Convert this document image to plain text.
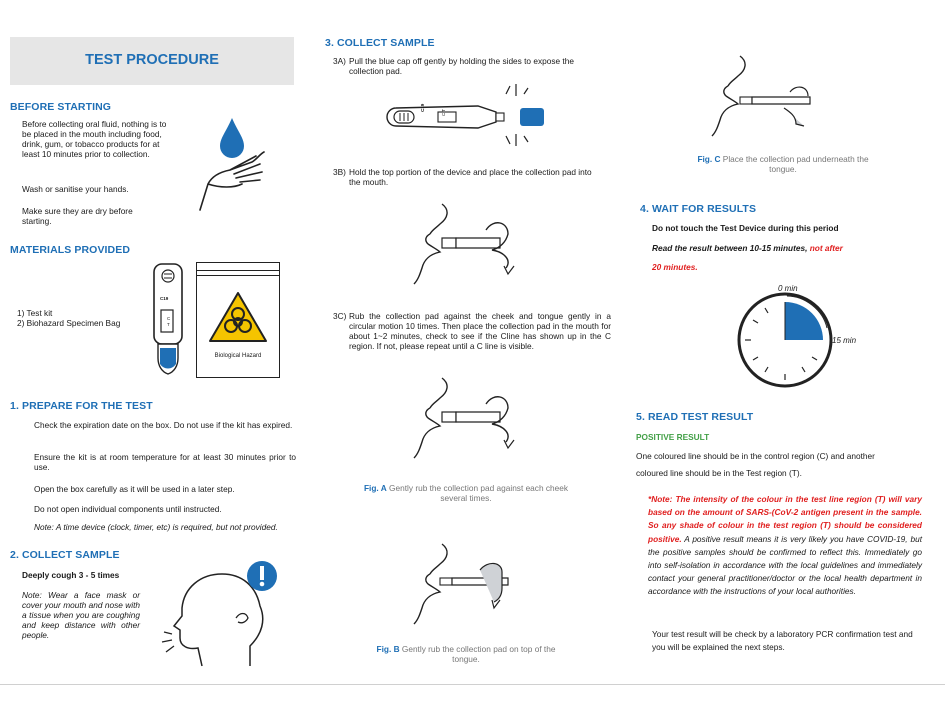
TEST PROCEDURE
BEFORE STARTING
Before collecting oral fluid, nothing is to be placed in the mouth including food, drink, gum, or tobacco products for at least 10 minutes prior to collection.
Wash or sanitise your hands.
Make sure they are dry before starting.
MATERIALS PROVIDED
1) Test kit
2) Biohazard Specimen Bag
C19
C
T
Biological Hazard
1. PREPARE FOR THE TEST
Check the expiration date on the box. Do not use if the kit has expired.
Ensure the kit is at room temperature for at least 30 minutes prior to use.
Open the box carefully as it will be used in a later step.
Do not open individual components until instructed.
Note: A time device (clock, timer, etc) is required, but not provided.
2. COLLECT SAMPLE
Deeply cough 3 - 5 times
Note: Wear a face mask or cover your mouth and nose with a tissue when you are coughing and keep distance with other people.
3. COLLECT SAMPLE
3A) Pull the blue cap off gently by holding the sides to expose the collection pad.
C19
C T
3B) Hold the top portion of the device and place the collection pad into the mouth.
3C) Rub the collection pad against the cheek and tongue gently in a circular motion 10 times. Then place the collection pad in the mouth for about 1~2 minutes, check to see if the Cline has shown up in the C region. If not, please repeat until a C line is visible.
Fig. A Gently rub the collection pad against each cheek several times.
Fig. B Gently rub the collection pad on top of the tongue.
Fig. C Place the collection pad underneath the tongue.
4. WAIT FOR RESULTS
Do not touch the Test Device during this period
Read the result between 10-15 minutes, not after
20 minutes.
0 min
15 min
5. READ TEST RESULT
POSITIVE RESULT
One coloured line should be in the control region (C) and another
coloured line should be in the Test region (T).
*Note: The intensity of the colour in the test line region (T) will vary based on the amount of SARS-(CoV-2 antigen present in the sample. So any shade of colour in the test region (T) should be considered positive. A positive result means it is very likely you have COVID-19, but the positive samples should be confirmed to reflect this. Immediately go into self-isolation in accordance with the local guidelines and immediately contact your general practitioner/doctor or the local health department in accordance with the instructions of your local authorities.
Your test result will be check by a laboratory PCR confirmation test and you will be explained the next steps.
